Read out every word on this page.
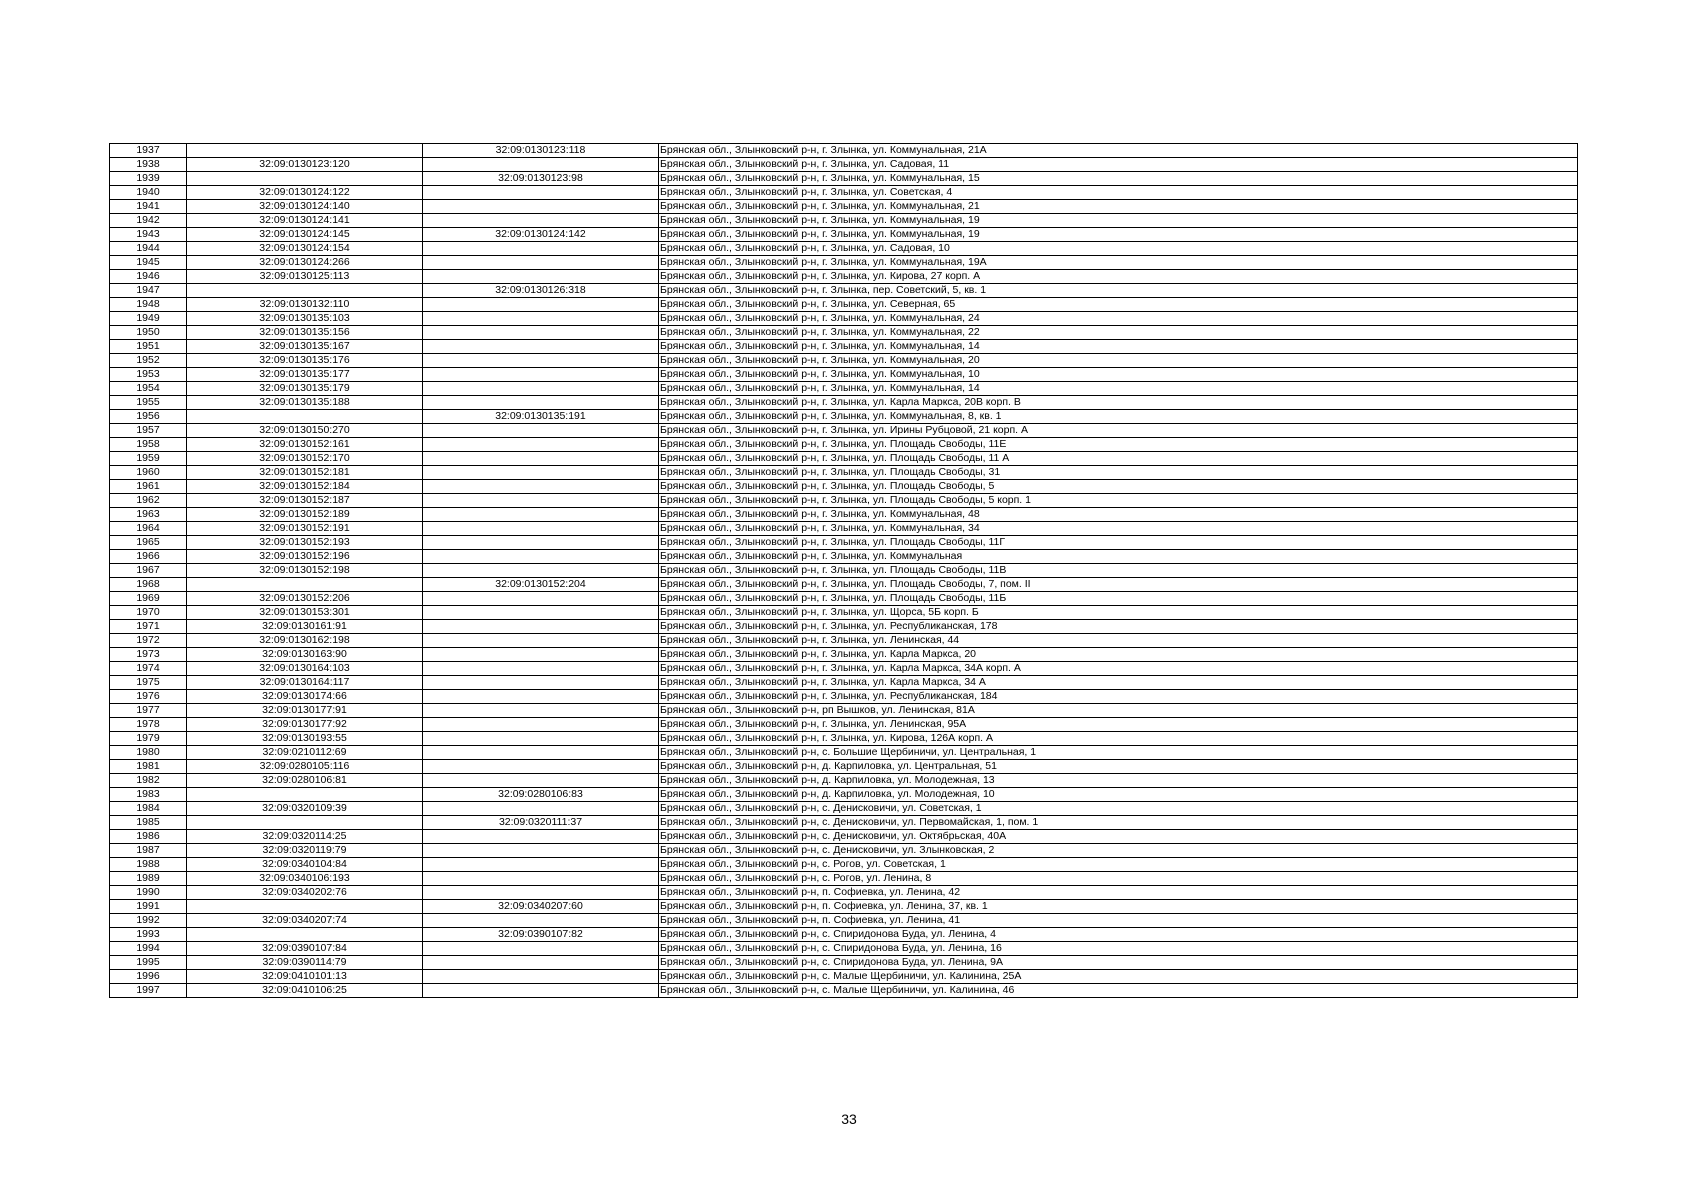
1937		32:09:0130123:118	Брянская обл., Злынковский р-н, г. Злынка, ул. Коммунальная, 21А
1938	32:09:0130123:120		Брянская обл., Злынковский р-н, г. Злынка, ул. Садовая, 11
1939		32:09:0130123:98	Брянская обл., Злынковский р-н, г. Злынка, ул. Коммунальная, 15
1940	32:09:0130124:122		Брянская обл., Злынковский р-н, г. Злынка, ул. Советская, 4
1941	32:09:0130124:140		Брянская обл., Злынковский р-н, г. Злынка, ул. Коммунальная, 21
1942	32:09:0130124:141		Брянская обл., Злынковский р-н, г. Злынка, ул. Коммунальная, 19
1943	32:09:0130124:145	32:09:0130124:142	Брянская обл., Злынковский р-н, г. Злынка, ул. Коммунальная, 19
1944	32:09:0130124:154		Брянская обл., Злынковский р-н, г. Злынка, ул. Садовая, 10
1945	32:09:0130124:266		Брянская обл., Злынковский р-н, г. Злынка, ул. Коммунальная, 19А
1946	32:09:0130125:113		Брянская обл., Злынковский р-н, г. Злынка, ул. Кирова, 27 корп. А
1947		32:09:0130126:318	Брянская обл., Злынковский р-н, г. Злынка, пер. Советский, 5, кв. 1
1948	32:09:0130132:110		Брянская обл., Злынковский р-н, г. Злынка, ул. Северная, 65
1949	32:09:0130135:103		Брянская обл., Злынковский р-н, г. Злынка, ул. Коммунальная, 24
1950	32:09:0130135:156		Брянская обл., Злынковский р-н, г. Злынка, ул. Коммунальная, 22
1951	32:09:0130135:167		Брянская обл., Злынковский р-н, г. Злынка, ул. Коммунальная, 14
1952	32:09:0130135:176		Брянская обл., Злынковский р-н, г. Злынка, ул. Коммунальная, 20
1953	32:09:0130135:177		Брянская обл., Злынковский р-н, г. Злынка, ул. Коммунальная, 10
1954	32:09:0130135:179		Брянская обл., Злынковский р-н, г. Злынка, ул. Коммунальная, 14
1955	32:09:0130135:188		Брянская обл., Злынковский р-н, г. Злынка, ул. Карла Маркса, 20В корп. В
1956		32:09:0130135:191	Брянская обл., Злынковский р-н, г. Злынка, ул. Коммунальная, 8, кв. 1
1957	32:09:0130150:270		Брянская обл., Злынковский р-н, г. Злынка, ул. Ирины Рубцовой, 21 корп. А
1958	32:09:0130152:161		Брянская обл., Злынковский р-н, г. Злынка, ул. Площадь Свободы, 11Е
1959	32:09:0130152:170		Брянская обл., Злынковский р-н, г. Злынка, ул. Площадь Свободы, 11 А
1960	32:09:0130152:181		Брянская обл., Злынковский р-н, г. Злынка, ул. Площадь Свободы, 31
1961	32:09:0130152:184		Брянская обл., Злынковский р-н, г. Злынка, ул. Площадь Свободы, 5
1962	32:09:0130152:187		Брянская обл., Злынковский р-н, г. Злынка, ул. Площадь Свободы, 5 корп. 1
1963	32:09:0130152:189		Брянская обл., Злынковский р-н, г. Злынка, ул. Коммунальная, 48
1964	32:09:0130152:191		Брянская обл., Злынковский р-н, г. Злынка, ул. Коммунальная, 34
1965	32:09:0130152:193		Брянская обл., Злынковский р-н, г. Злынка, ул. Площадь Свободы, 11Г
1966	32:09:0130152:196		Брянская обл., Злынковский р-н, г. Злынка, ул. Коммунальная
1967	32:09:0130152:198		Брянская обл., Злынковский р-н, г. Злынка, ул. Площадь Свободы, 11В
1968		32:09:0130152:204	Брянская обл., Злынковский р-н, г. Злынка, ул. Площадь Свободы, 7, пом. II
1969	32:09:0130152:206		Брянская обл., Злынковский р-н, г. Злынка, ул. Площадь Свободы, 11Б
1970	32:09:0130153:301		Брянская обл., Злынковский р-н, г. Злынка, ул. Щорса, 5Б корп. Б
1971	32:09:0130161:91		Брянская обл., Злынковский р-н, г. Злынка, ул. Республиканская, 178
1972	32:09:0130162:198		Брянская обл., Злынковский р-н, г. Злынка, ул. Ленинская, 44
1973	32:09:0130163:90		Брянская обл., Злынковский р-н, г. Злынка, ул. Карла Маркса, 20
1974	32:09:0130164:103		Брянская обл., Злынковский р-н, г. Злынка, ул. Карла Маркса, 34А корп. А
1975	32:09:0130164:117		Брянская обл., Злынковский р-н, г. Злынка, ул. Карла Маркса, 34 А
1976	32:09:0130174:66		Брянская обл., Злынковский р-н, г. Злынка, ул. Республиканская, 184
1977	32:09:0130177:91		Брянская обл., Злынковский р-н, рп Вышков, ул. Ленинская, 81А
1978	32:09:0130177:92		Брянская обл., Злынковский р-н, г. Злынка, ул. Ленинская, 95А
1979	32:09:0130193:55		Брянская обл., Злынковский р-н, г. Злынка, ул. Кирова, 126А корп. А
1980	32:09:0210112:69		Брянская обл., Злынковский р-н, с. Большие Щербиничи, ул. Центральная, 1
1981	32:09:0280105:116		Брянская обл., Злынковский р-н, д. Карпиловка, ул. Центральная, 51
1982	32:09:0280106:81		Брянская обл., Злынковский р-н, д. Карпиловка, ул. Молодежная, 13
1983		32:09:0280106:83	Брянская обл., Злынковский р-н, д. Карпиловка, ул. Молодежная, 10
1984	32:09:0320109:39		Брянская обл., Злынковский р-н, с. Денисковичи, ул. Советская, 1
1985		32:09:0320111:37	Брянская обл., Злынковский р-н, с. Денисковичи, ул. Первомайская, 1, пом. 1
1986	32:09:0320114:25		Брянская обл., Злынковский р-н, с. Денисковичи, ул. Октябрьская, 40А
1987	32:09:0320119:79		Брянская обл., Злынковский р-н, с. Денисковичи, ул. Злынковская, 2
1988	32:09:0340104:84		Брянская обл., Злынковский р-н, с. Рогов, ул. Советская, 1
1989	32:09:0340106:193		Брянская обл., Злынковский р-н, с. Рогов, ул. Ленина, 8
1990	32:09:0340202:76		Брянская обл., Злынковский р-н, п. Софиевка, ул. Ленина, 42
1991		32:09:0340207:60	Брянская обл., Злынковский р-н, п. Софиевка, ул. Ленина, 37, кв. 1
1992	32:09:0340207:74		Брянская обл., Злынковский р-н, п. Софиевка, ул. Ленина, 41
1993		32:09:0390107:82	Брянская обл., Злынковский р-н, с. Спиридонова Буда, ул. Ленина, 4
1994	32:09:0390107:84		Брянская обл., Злынковский р-н, с. Спиридонова Буда, ул. Ленина, 16
1995	32:09:0390114:79		Брянская обл., Злынковский р-н, с. Спиридонова Буда, ул. Ленина, 9А
1996	32:09:0410101:13		Брянская обл., Злынковский р-н, с. Малые Щербиничи, ул. Калинина, 25А
1997	32:09:0410106:25		Брянская обл., Злынковский р-н, с. Малые Щербиничи, ул. Калинина, 46
33
